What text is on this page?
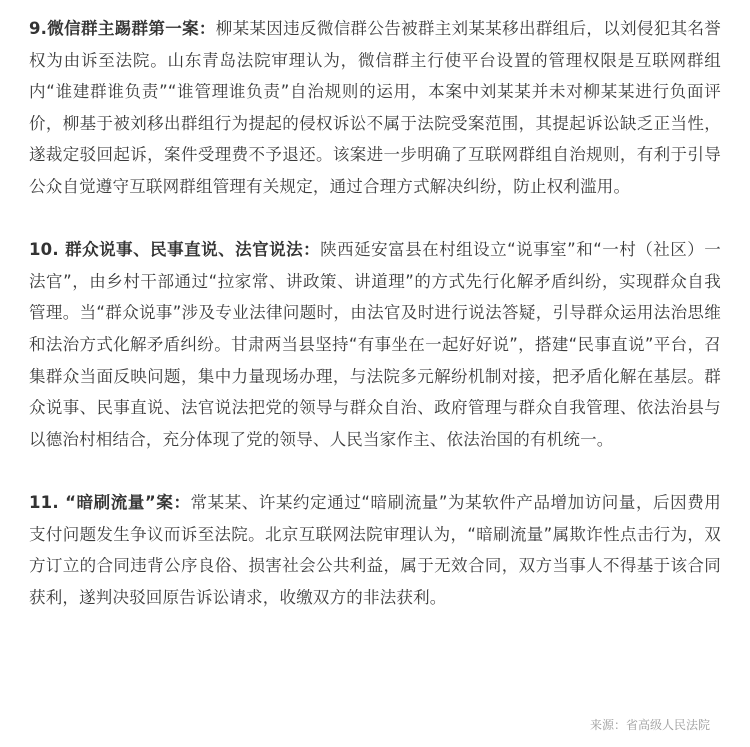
9.微信群主踢群第一案：柳某某因违反微信群公告被群主刘某某移出群组后，以刘侵犯其名誉权为由诉至法院。山东青岛法院审理认为，微信群主行使平台设置的管理权限是互联网群组内“谁建群谁负责”“谁管理谁负责”自治规则的运用，本案中刘某某并未对柳某某进行负面评价，柳基于被刘移出群组行为提起的侵权诉讼不属于法院受案范围，其提起诉讼缺乏正当性，遂裁定驳回起诉，案件受理费不予退还。该案进一步明确了互联网群组自治规则，有利于引导公众自觉遵守互联网群组管理有关规定，通过合理方式解决纠纷，防止权利滥用。

10. 群众说事、民事直说、法官说法：陕西延安富县在村组设立“说事室”和“一村（社区）一法官”，由乡村干部通过“拉家常、讲政策、讲道理”的方式先行化解矛盾纠纷，实现群众自我管理。当“群众说事”涉及专业法律问题时，由法官及时进行说法答疑，引导群众运用法治思维和法治方式化解矛盾纠纷。甘肃两当县坚持“有事坐在一起好好说”，搭建“民事直说”平台，召集群众当面反映问题，集中力量现场办理，与法院多元解纷机制对接，把矛盾化解在基层。群众说事、民事直说、法官说法把党的领导与群众自治、政府管理与群众自我管理、依法治县与以德治村相结合，充分体现了党的领导、人民当家作主、依法治国的有机统一。

11. “暗刷流量”案：常某某、许某约定通过“暗刷流量”为某软件产品增加访问量，后因费用支付问题发生争议而诉至法院。北京互联网法院审理认为，“暗刷流量”属欺诈性点击行为，双方订立的合同违背公序良俗、损害社会公共利益，属于无效合同，双方当事人不得基于该合同获利，遂判决驳回原告诉讼请求，收缴双方的非法获利。

来源：省高级人民法院
